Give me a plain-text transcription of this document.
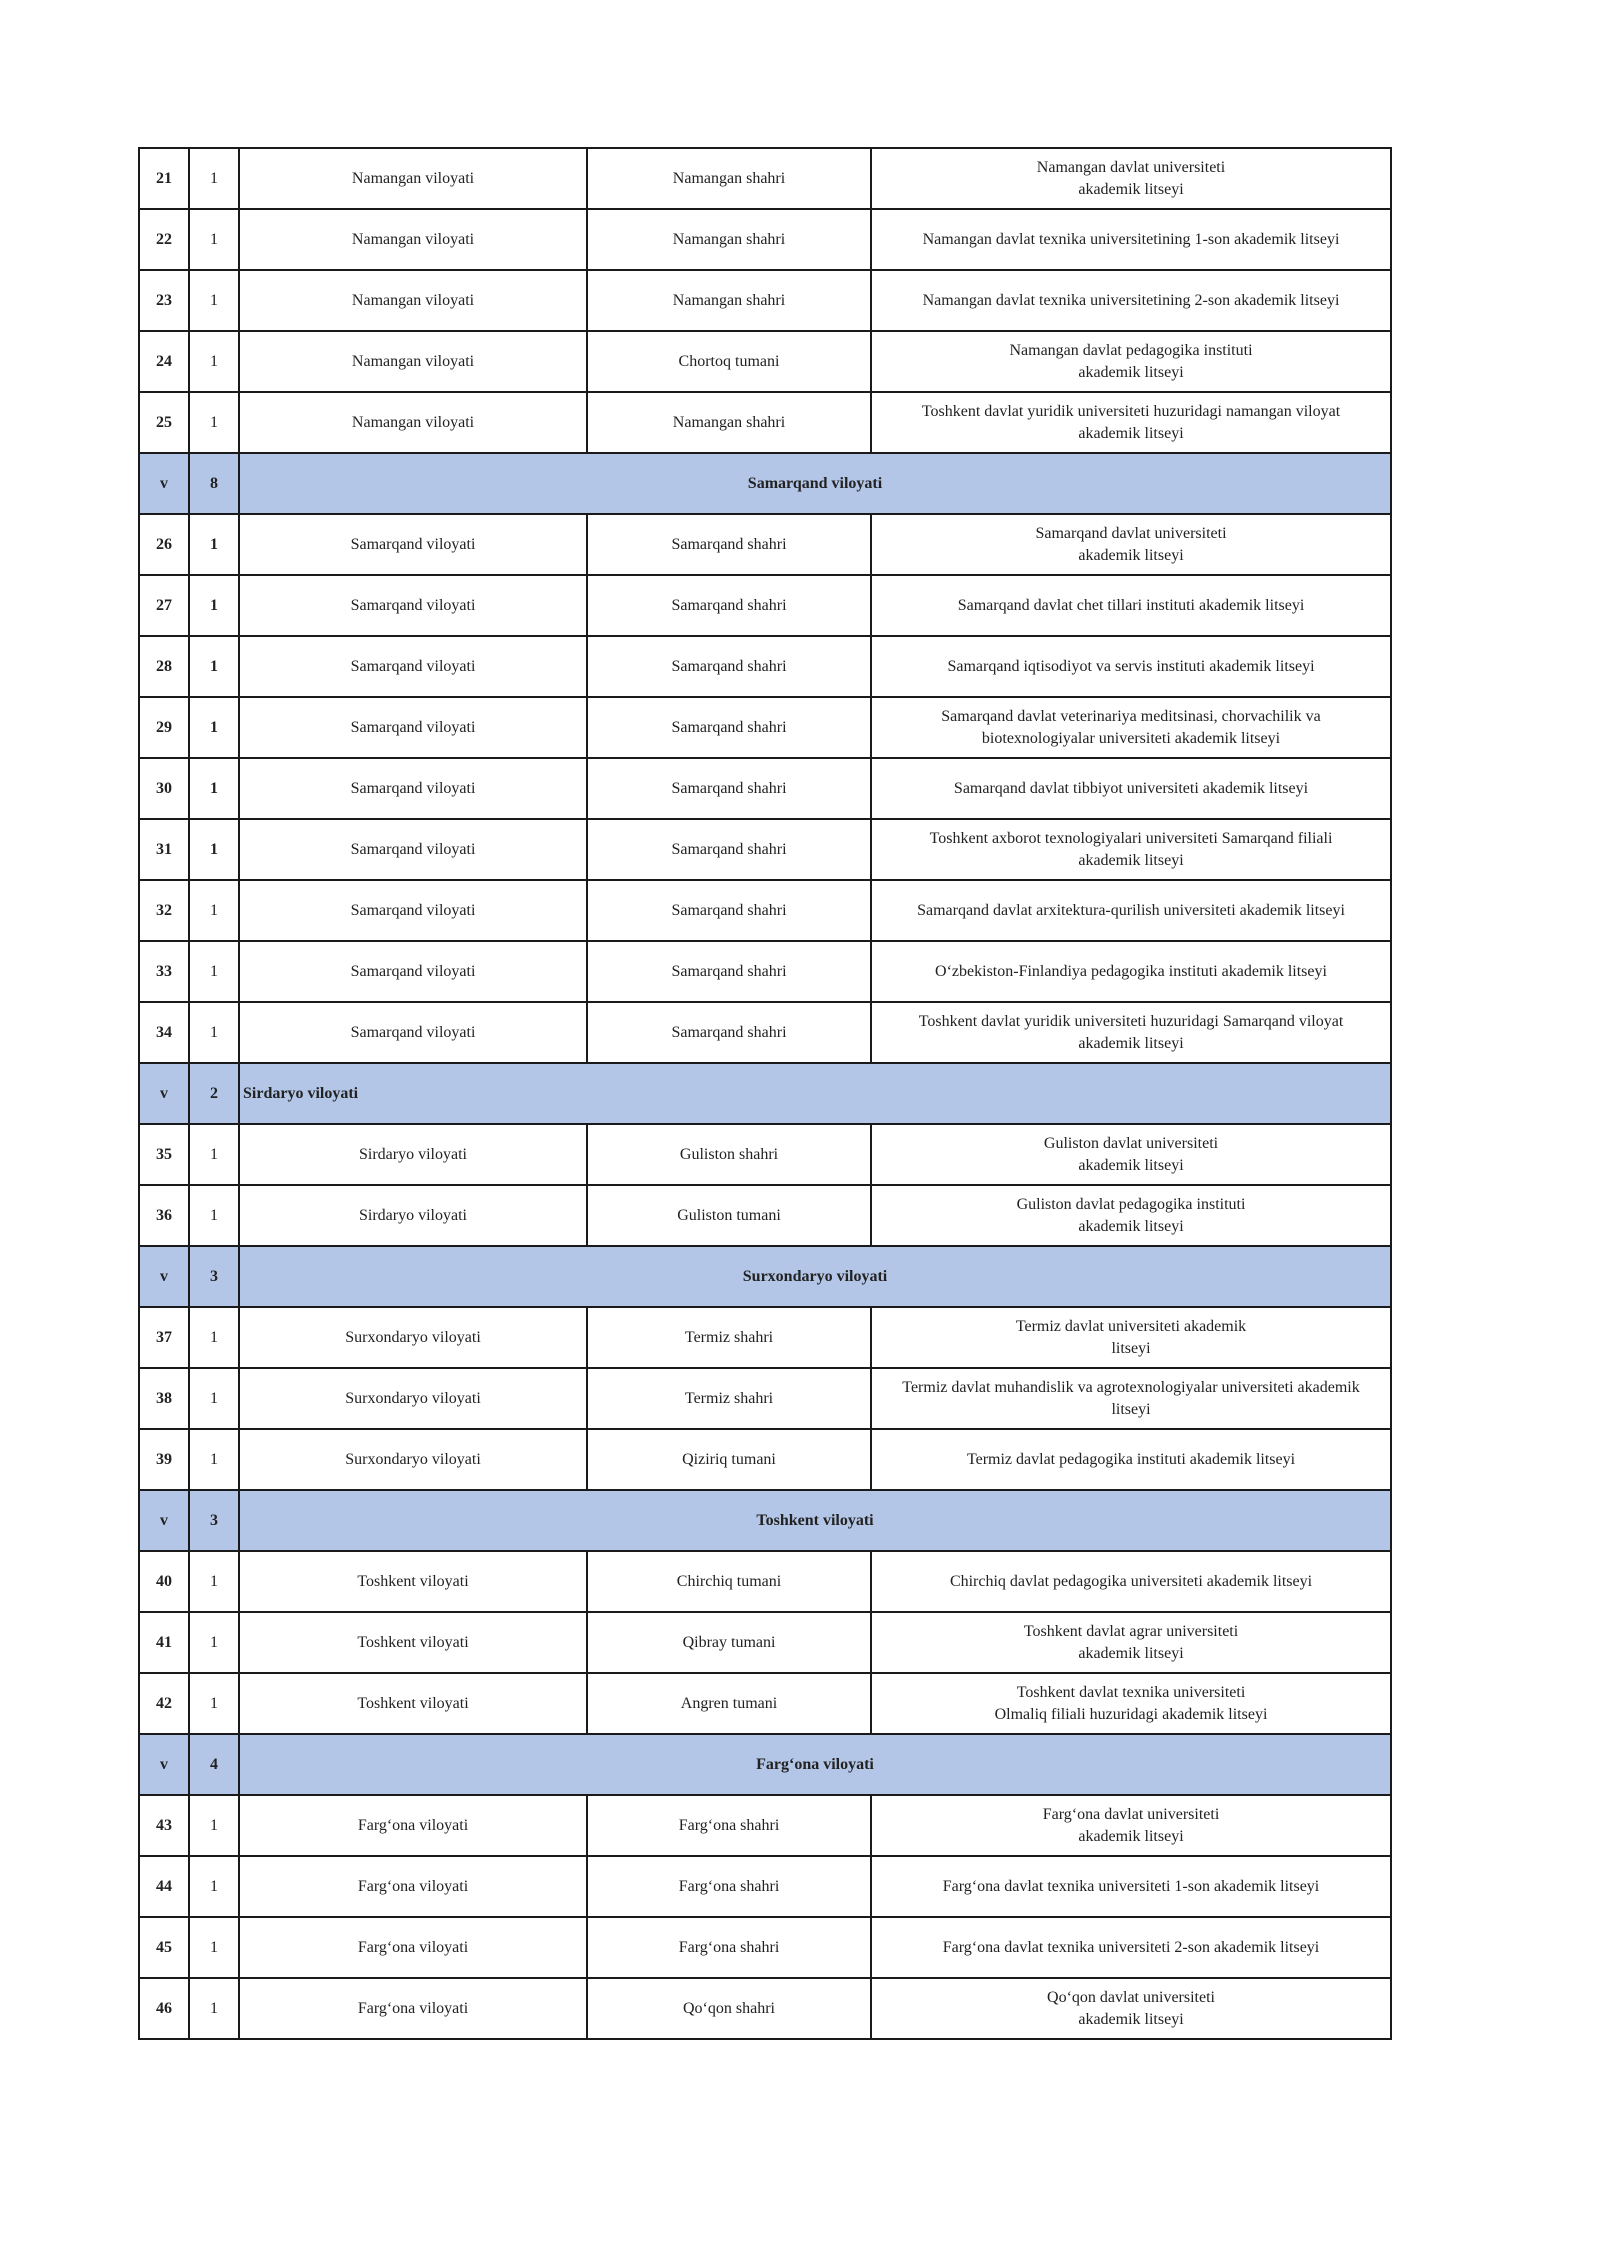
21	1	Namangan viloyati	Namangan shahri	Namangan davlat universiteti
akademik litseyi
22	1	Namangan viloyati	Namangan shahri	Namangan davlat texnika universitetining 1-son akademik litseyi
23	1	Namangan viloyati	Namangan shahri	Namangan davlat texnika universitetining 2-son akademik litseyi
24	1	Namangan viloyati	Chortoq tumani	Namangan davlat pedagogika instituti
akademik litseyi
25	1	Namangan viloyati	Namangan shahri	Toshkent davlat yuridik universiteti huzuridagi namangan viloyat
akademik litseyi
v	8	Samarqand viloyati		
26	1	Samarqand viloyati	Samarqand shahri	Samarqand davlat universiteti
akademik litseyi
27	1	Samarqand viloyati	Samarqand shahri	Samarqand davlat chet tillari instituti akademik litseyi
28	1	Samarqand viloyati	Samarqand shahri	Samarqand iqtisodiyot va servis instituti akademik litseyi
29	1	Samarqand viloyati	Samarqand shahri	Samarqand davlat veterinariya meditsinasi, chorvachilik va
biotexnologiyalar universiteti akademik litseyi
30	1	Samarqand viloyati	Samarqand shahri	Samarqand davlat tibbiyot universiteti akademik litseyi
31	1	Samarqand viloyati	Samarqand shahri	Toshkent axborot texnologiyalari universiteti Samarqand filiali
akademik litseyi
32	1	Samarqand viloyati	Samarqand shahri	Samarqand davlat arxitektura-qurilish universiteti akademik litseyi
33	1	Samarqand viloyati	Samarqand shahri	O‘zbekiston-Finlandiya pedagogika instituti akademik litseyi
34	1	Samarqand viloyati	Samarqand shahri	Toshkent davlat yuridik universiteti huzuridagi Samarqand viloyat
akademik litseyi
v	2	Sirdaryo viloyati		
35	1	Sirdaryo viloyati	Guliston shahri	Guliston davlat universiteti
akademik litseyi
36	1	Sirdaryo viloyati	Guliston tumani	Guliston davlat pedagogika instituti
akademik litseyi
v	3	Surxondaryo viloyati		
37	1	Surxondaryo viloyati	Termiz shahri	Termiz davlat universiteti akademik
litseyi
38	1	Surxondaryo viloyati	Termiz shahri	Termiz davlat muhandislik va agrotexnologiyalar universiteti akademik
litseyi
39	1	Surxondaryo viloyati	Qiziriq tumani	Termiz davlat pedagogika instituti akademik litseyi
v	3	Toshkent viloyati		
40	1	Toshkent viloyati	Chirchiq tumani	Chirchiq davlat pedagogika universiteti akademik litseyi
41	1	Toshkent viloyati	Qibray tumani	Toshkent davlat agrar universiteti
akademik litseyi
42	1	Toshkent viloyati	Angren tumani	Toshkent davlat texnika universiteti
Olmaliq filiali huzuridagi akademik litseyi
v	4	Farg‘ona viloyati		
43	1	Farg‘ona viloyati	Farg‘ona shahri	Farg‘ona davlat universiteti
akademik litseyi
44	1	Farg‘ona viloyati	Farg‘ona shahri	Farg‘ona davlat texnika universiteti 1-son akademik litseyi
45	1	Farg‘ona viloyati	Farg‘ona shahri	Farg‘ona davlat texnika universiteti 2-son akademik litseyi
46	1	Farg‘ona viloyati	Qo‘qon shahri	Qo‘qon davlat universiteti
akademik litseyi
